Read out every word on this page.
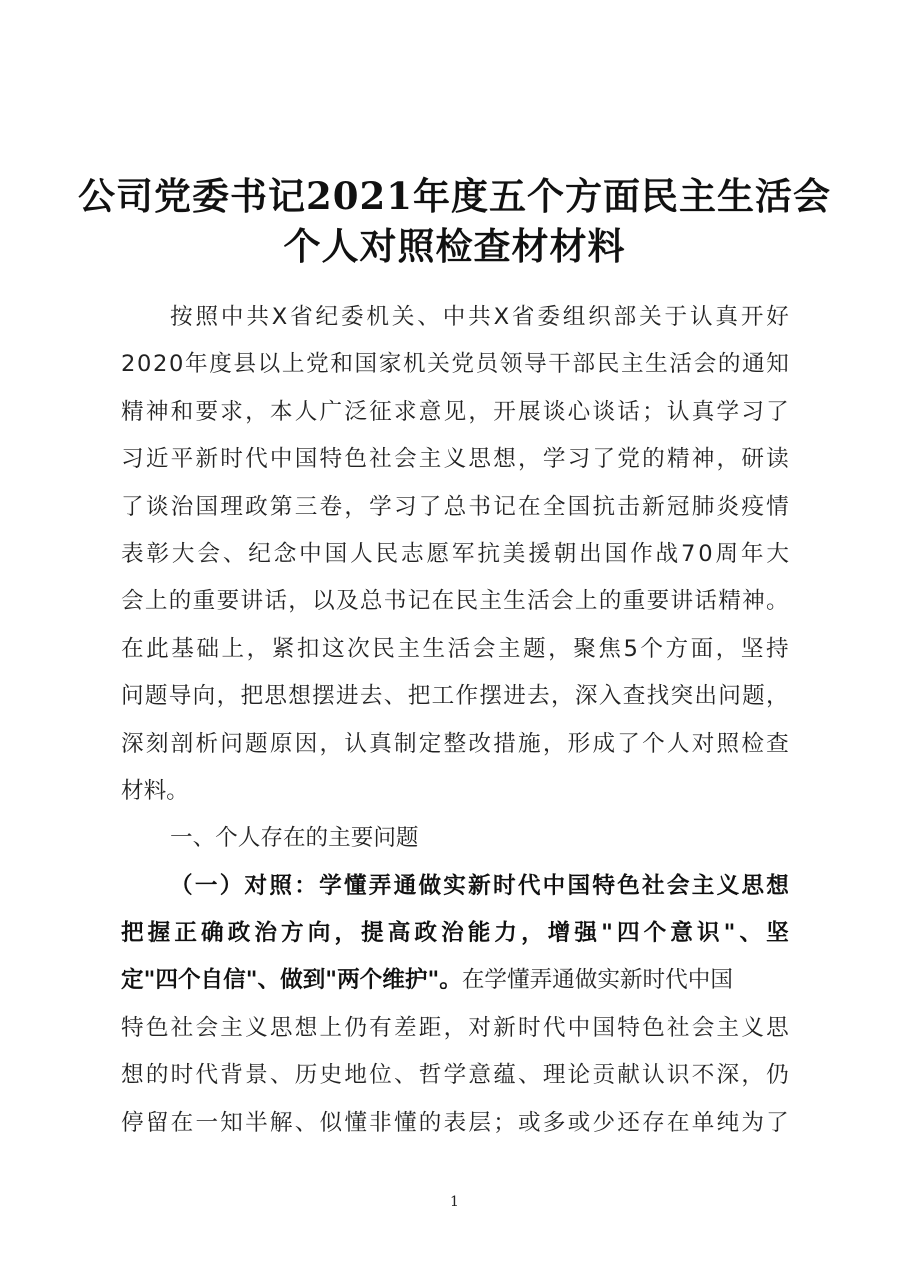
公司党委书记2021年度五个方面民主生活会
个人对照检查材材料
按 照 中 共 X 省 纪 委 机 关 、 中 共 X 省 委 组 织 部 关 于 认 真 开 好
2 0 2 0 年 度 县 以 上 党 和 国 家 机 关 党 员 领 导 干 部 民 主 生 活 会 的 通 知
精 神 和 要 求 ， 本 人 广 泛 征 求 意 见 ， 开 展 谈 心 谈 话 ； 认 真 学 习 了
习 近 平 新 时 代 中 国 特 色 社 会 主 义 思 想 ， 学 习 了 党 的 精 神 ， 研 读
了 谈 治 国 理 政 第 三 卷 ， 学 习 了 总 书 记 在 全 国 抗 击 新 冠 肺 炎 疫 情
表 彰 大 会 、 纪 念 中 国 人 民 志 愿 军 抗 美 援 朝 出 国 作 战 7 0 周 年 大
会 上 的 重 要 讲 话 ， 以 及 总 书 记 在 民 主 生 活 会 上 的 重 要 讲 话 精 神 。
在 此 基 础 上 ， 紧 扣 这 次 民 主 生 活 会 主 题 ， 聚 焦 5 个 方 面 ， 坚 持
问 题 导 向 ， 把 思 想 摆 进 去 、 把 工 作 摆 进 去 ， 深 入 查 找 突 出 问 题 ，
深 刻 剖 析 问 题 原 因 ， 认 真 制 定 整 改 措 施 ， 形 成 了 个 人 对 照 检 查
材料。
一、个人存在的主要问题
（ 一 ） 对 照 ： 学 懂 弄 通 做 实 新 时 代 中 国 特 色 社 会 主 义 思 想
把 握 正 确 政 治 方 向 ， 提 高 政 治 能 力 ， 增 强 " 四 个 意 识 " 、 坚
定"四个自信"、做到"两个维护"。 在学懂弄通做实新时代中国
特 色 社 会 主 义 思 想 上 仍 有 差 距 ， 对 新 时 代 中 国 特 色 社 会 主 义 思
想 的 时 代 背 景 、 历 史 地 位 、 哲 学 意 蕴 、 理 论 贡 献 认 识 不 深 ， 仍
停 留 在 一 知 半 解 、 似 懂 非 懂 的 表 层 ； 或 多 或 少 还 存 在 单 纯 为 了
1
